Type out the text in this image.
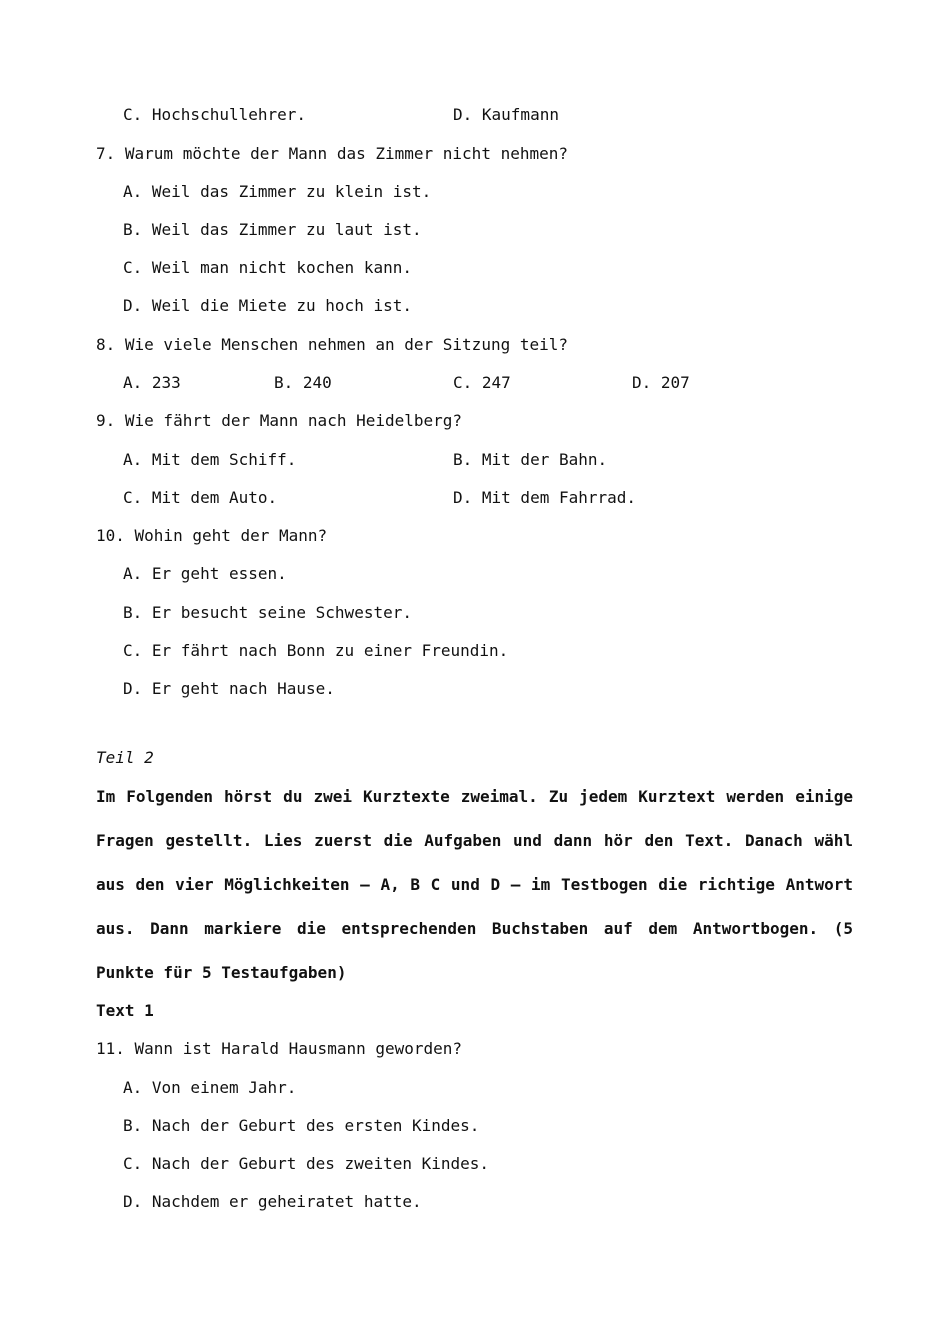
C. Hochschullehrer.	D. Kaufmann
7. Warum möchte der Mann das Zimmer nicht nehmen?
A. Weil das Zimmer zu klein ist.
B. Weil das Zimmer zu laut ist.
C. Weil man nicht kochen kann.
D. Weil die Miete zu hoch ist.
8. Wie viele Menschen nehmen an der Sitzung teil?
A. 233	B. 240	C. 247	D. 207
9. Wie fährt der Mann nach Heidelberg?
A. Mit dem Schiff.	B. Mit der Bahn.
C. Mit dem Auto.	D. Mit dem Fahrrad.
10. Wohin geht der Mann?
A. Er geht essen.
B. Er besucht seine Schwester.
C. Er fährt nach Bonn zu einer Freundin.
D. Er geht nach Hause.
Teil 2
Im Folgenden hörst du zwei Kurztexte zweimal. Zu jedem Kurztext werden einige Fragen gestellt. Lies zuerst die Aufgaben und dann hör den Text. Danach wähl aus den vier Möglichkeiten – A, B C und D – im Testbogen die richtige Antwort aus. Dann markiere die entsprechenden Buchstaben auf dem Antwortbogen. (5 Punkte für 5 Testaufgaben)
Text 1
11. Wann ist Harald Hausmann geworden?
A. Von einem Jahr.
B. Nach der Geburt des ersten Kindes.
C. Nach der Geburt des zweiten Kindes.
D. Nachdem er geheiratet hatte.
